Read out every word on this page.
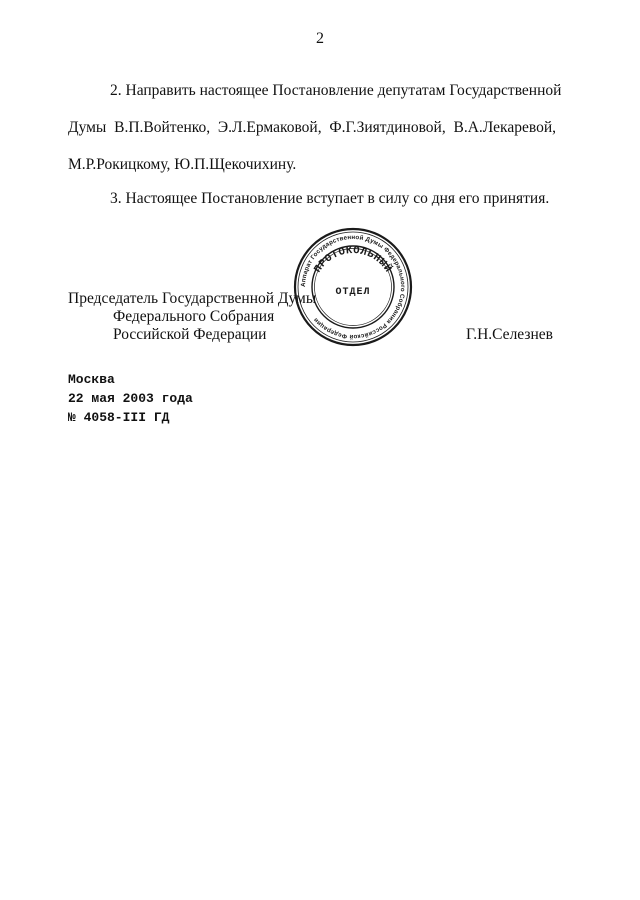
2
2. Направить настоящее Постановление депутатам Государственной
Думы В.П.Войтенко, Э.Л.Ермаковой, Ф.Г.Зиятдиновой, В.А.Лекаревой,
М.Р.Рокицкому, Ю.П.Щекочихину.
3. Настоящее Постановление вступает в силу со дня его принятия.
Председатель Государственной Думы
Федерального Собрания
Российской Федерации	Г.Н.Селезнев
Аппарат Государственной Думы Федерального Собрания Российской Федерации
ПРОТОКОЛЬНЫЙ
ОТДЕЛ
Москва
22 мая 2003 года
№ 4058-III ГД
